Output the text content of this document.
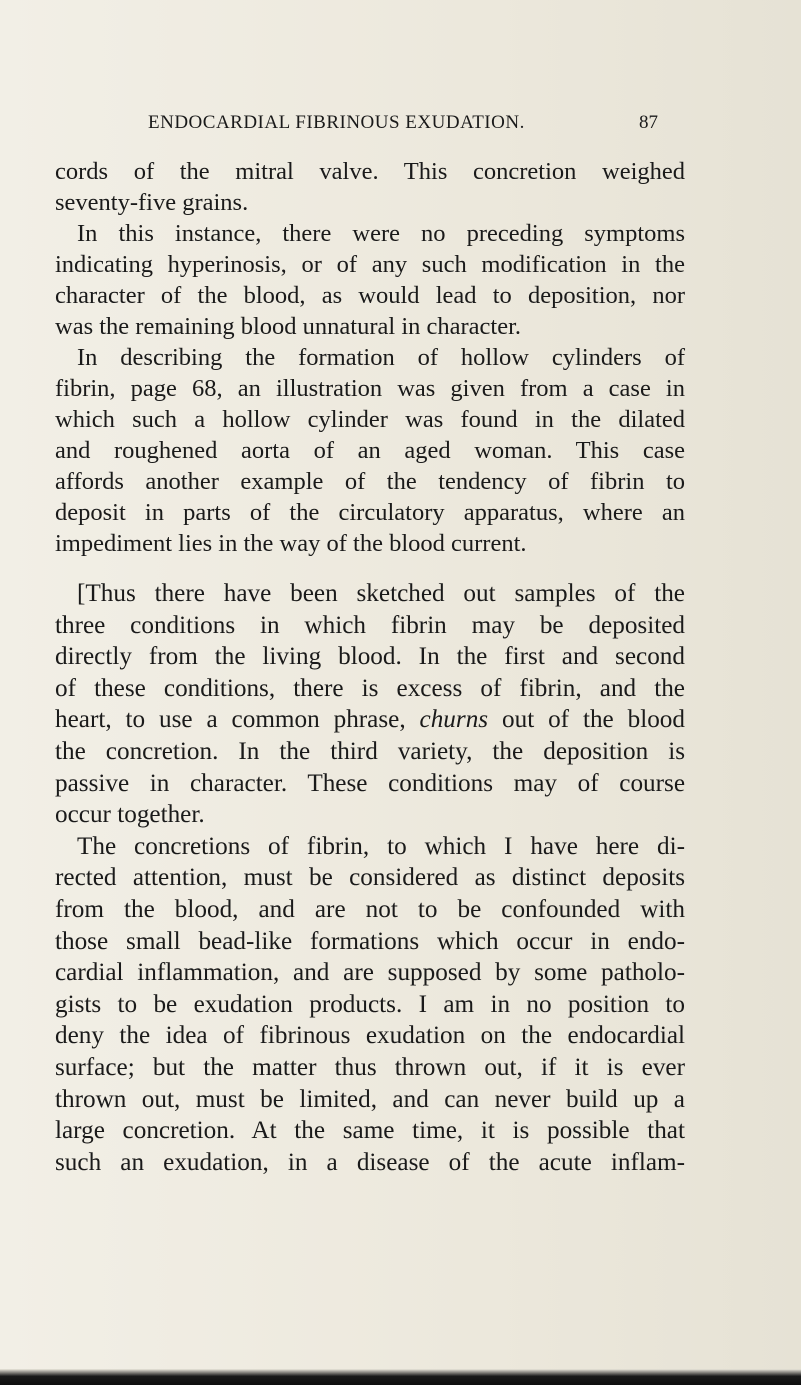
ENDOCARDIAL FIBRINOUS EXUDATION.	87
cords of the mitral valve. This concretion weighed
seventy-five grains.
In this instance, there were no preceding symptoms
indicating hyperinosis, or of any such modification in the
character of the blood, as would lead to deposition, nor
was the remaining blood unnatural in character.
In describing the formation of hollow cylinders of
fibrin, page 68, an illustration was given from a case in
which such a hollow cylinder was found in the dilated
and roughened aorta of an aged woman. This case
affords another example of the tendency of fibrin to
deposit in parts of the circulatory apparatus, where an
impediment lies in the way of the blood current.
[Thus there have been sketched out samples of the
three conditions in which fibrin may be deposited
directly from the living blood. In the first and second
of these conditions, there is excess of fibrin, and the
heart, to use a common phrase, churns out of the blood
the concretion. In the third variety, the deposition is
passive in character. These conditions may of course
occur together.
The concretions of fibrin, to which I have here di-
rected attention, must be considered as distinct deposits
from the blood, and are not to be confounded with
those small bead-like formations which occur in endo-
cardial inflammation, and are supposed by some patholo-
gists to be exudation products. I am in no position to
deny the idea of fibrinous exudation on the endocardial
surface; but the matter thus thrown out, if it is ever
thrown out, must be limited, and can never build up a
large concretion. At the same time, it is possible that
such an exudation, in a disease of the acute inflam-
